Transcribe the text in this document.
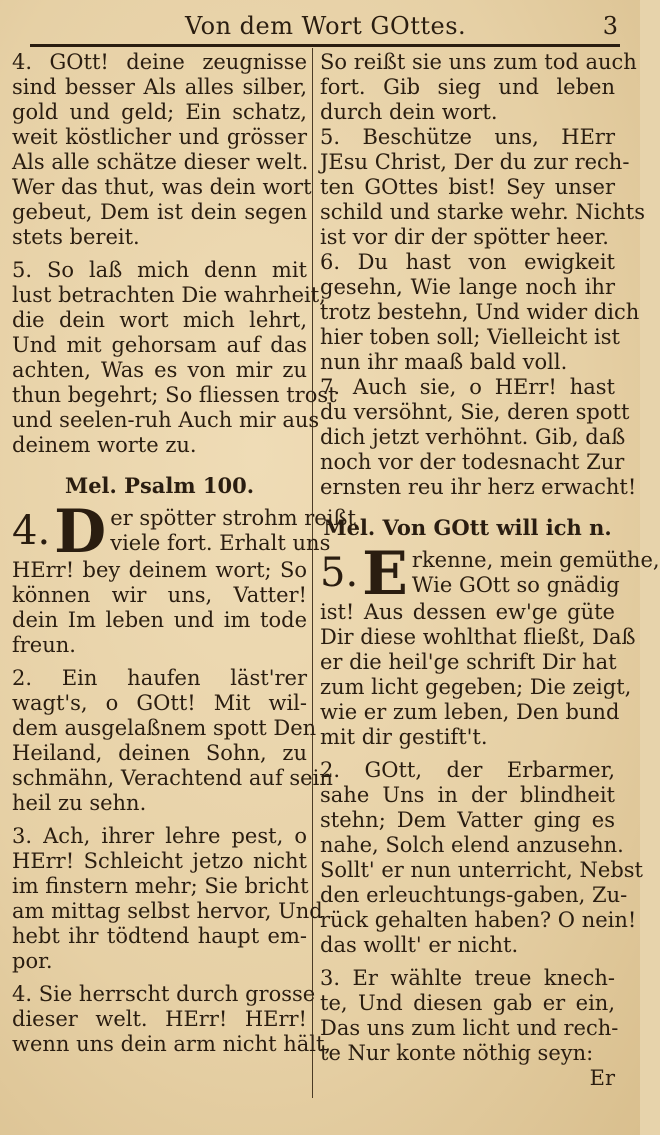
Von dem Wort GOttes.	3
4. GOtt! deine zeugnisse
sind besser Als alles silber,
gold und geld; Ein schatz,
weit köstlicher und grösser
Als alle schätze dieser welt.
Wer das thut, was dein wort
gebeut, Dem ist dein segen
stets bereit.
5. So laß mich denn mit
lust betrachten Die wahrheit,
die dein wort mich lehrt,
Und mit gehorsam auf das
achten, Was es von mir zu
thun begehrt; So fliessen trost
und seelen-ruh Auch mir aus
deinem worte zu.
Mel. Psalm 100.
4. D er spötter strohm reißt
viele fort. Erhalt uns
HErr! bey deinem wort; So
können wir uns, Vatter!
dein Im leben und im tode
freun.
2. Ein haufen läst'rer
wagt's, o GOtt! Mit wil-
dem ausgelaßnem spott Den
Heiland, deinen Sohn, zu
schmähn, Verachtend auf sein
heil zu sehn.
3. Ach, ihrer lehre pest, o
HErr! Schleicht jetzo nicht
im finstern mehr; Sie bricht
am mittag selbst hervor, Und
hebt ihr tödtend haupt em-
por.
4. Sie herrscht durch grosse
dieser welt. HErr! HErr!
wenn uns dein arm nicht hält,
So reißt sie uns zum tod auch
fort. Gib sieg und leben
durch dein wort.
5. Beschütze uns, HErr
JEsu Christ, Der du zur rech-
ten GOttes bist! Sey unser
schild und starke wehr. Nichts
ist vor dir der spötter heer.
6. Du hast von ewigkeit
gesehn, Wie lange noch ihr
trotz bestehn, Und wider dich
hier toben soll; Vielleicht ist
nun ihr maaß bald voll.
7. Auch sie, o HErr! hast
du versöhnt, Sie, deren spott
dich jetzt verhöhnt. Gib, daß
noch vor der todesnacht Zur
ernsten reu ihr herz erwacht!
Mel. Von GOtt will ich n.
5. E rkenne, mein gemüthe,
Wie GOtt so gnädig
ist! Aus dessen ew'ge güte
Dir diese wohlthat fließt, Daß
er die heil'ge schrift Dir hat
zum licht gegeben; Die zeigt,
wie er zum leben, Den bund
mit dir gestift't.
2. GOtt, der Erbarmer,
sahe Uns in der blindheit
stehn; Dem Vatter ging es
nahe, Solch elend anzusehn.
Sollt' er nun unterricht, Nebst
den erleuchtungs-gaben, Zu-
rück gehalten haben? O nein!
das wollt' er nicht.
3. Er wählte treue knech-
te, Und diesen gab er ein,
Das uns zum licht und rech-
te Nur konte nöthig seyn:
Er
